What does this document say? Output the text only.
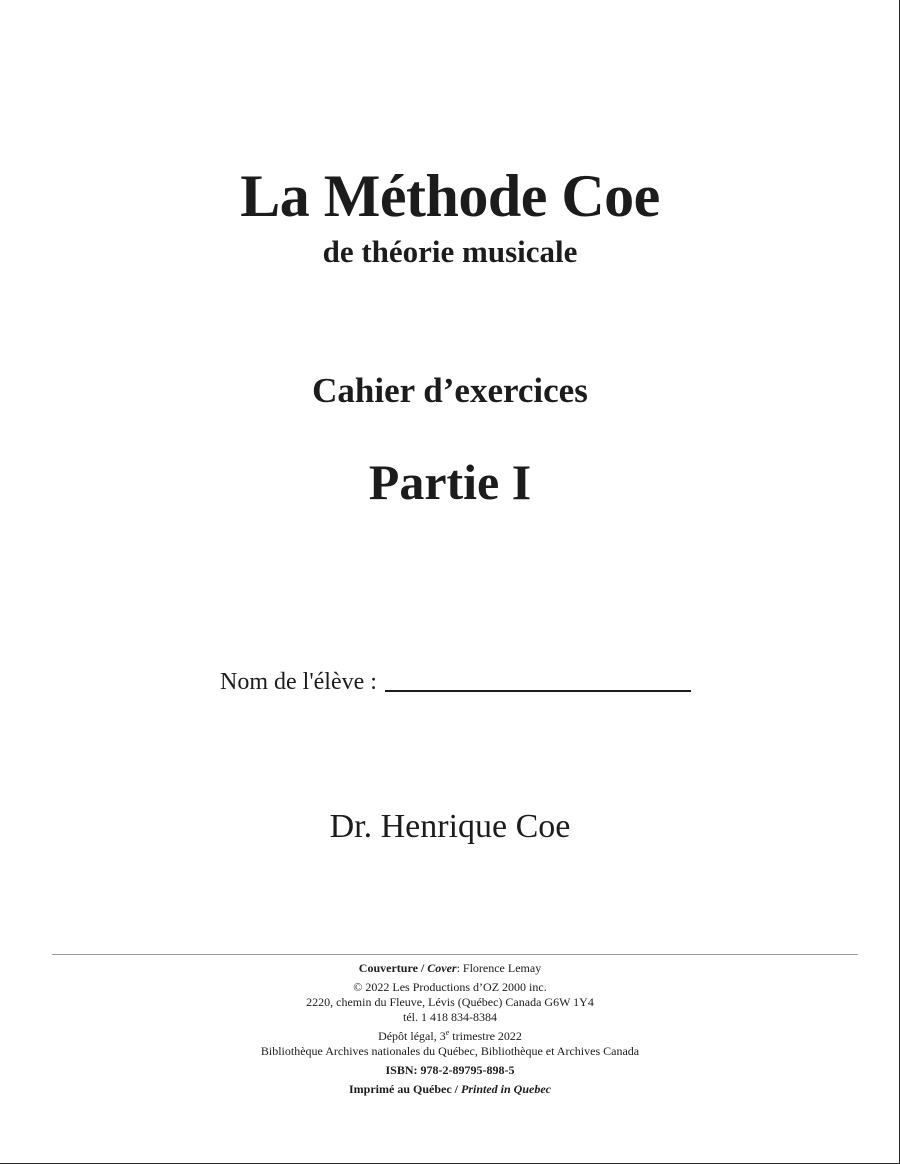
La Méthode Coe
de théorie musicale
Cahier d’exercices
Partie I
Nom de l'élève :
Dr. Henrique Coe
Couverture / Cover: Florence Lemay
© 2022 Les Productions d’OZ 2000 inc.
2220, chemin du Fleuve, Lévis (Québec) Canada G6W 1Y4
tél. 1 418 834-8384
Dépôt légal, 3e trimestre 2022
Bibliothèque Archives nationales du Québec, Bibliothèque et Archives Canada
ISBN: 978-2-89795-898-5
Imprimé au Québec / Printed in Quebec
